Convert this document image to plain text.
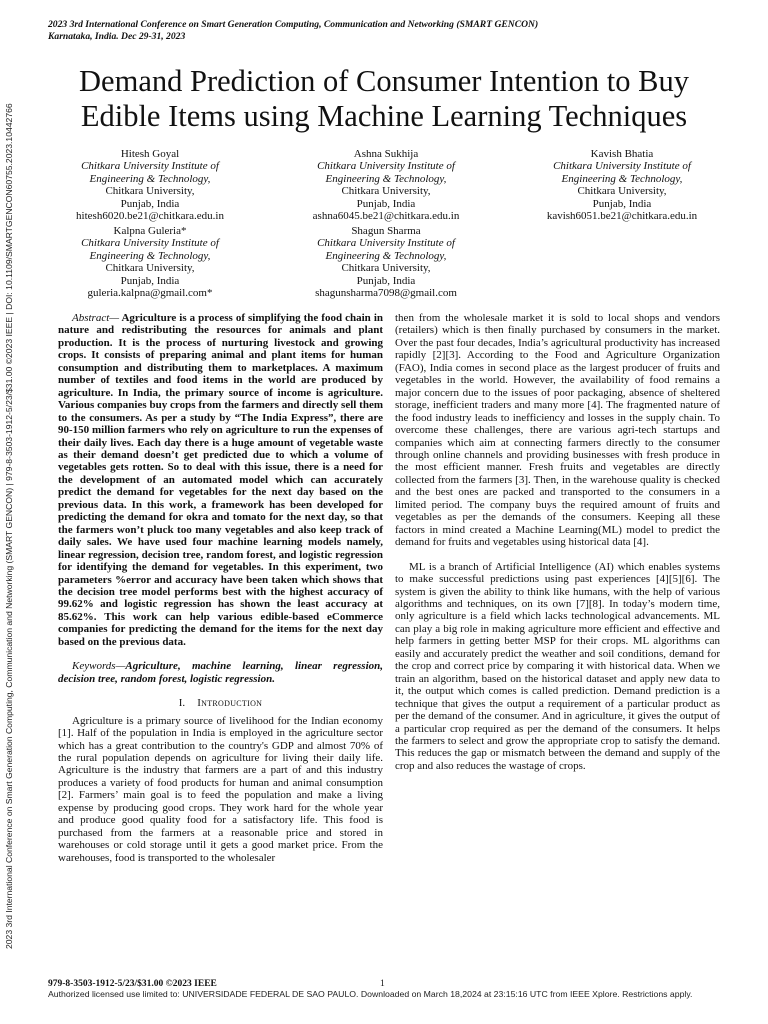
2023 3rd International Conference on Smart Generation Computing, Communication and Networking (SMART GENCON)
Karnataka, India. Dec 29-31, 2023
2023 3rd International Conference on Smart Generation Computing, Communication and Networking (SMART GENCON) | 979-8-3503-1912-5/23/$31.00 ©2023 IEEE | DOI: 10.1109/SMARTGENCON60755.2023.10442766
Demand Prediction of Consumer Intention to Buy Edible Items using Machine Learning Techniques
Hitesh Goyal
Chitkara University Institute of
Engineering & Technology,
Chitkara University,
Punjab, India
hitesh6020.be21@chitkara.edu.in
Ashna Sukhija
Chitkara University Institute of
Engineering & Technology,
Chitkara University,
Punjab, India
ashna6045.be21@chitkara.edu.in
Kavish Bhatia
Chitkara University Institute of
Engineering & Technology,
Chitkara University,
Punjab, India
kavish6051.be21@chitkara.edu.in
Kalpna Guleria*
Chitkara University Institute of
Engineering & Technology,
Chitkara University,
Punjab, India
guleria.kalpna@gmail.com*
Shagun Sharma
Chitkara University Institute of
Engineering & Technology,
Chitkara University,
Punjab, India
shagunsharma7098@gmail.com

Abstract— Agriculture is a process of simplifying the food chain in nature and redistributing the resources for animals and plant production. It is the process of nurturing livestock and growing crops. It consists of preparing animal and plant items for human consumption and distributing them to marketplaces. A maximum number of textiles and food items in the world are produced by agriculture. In India, the primary source of income is agriculture. Various companies buy crops from the farmers and directly sell them to the consumers. As per a study by “The India Express”, there are 90-150 million farmers who rely on agriculture to run the expenses of their daily lives. Each day there is a huge amount of vegetable waste as their demand doesn’t get predicted due to which a volume of vegetables gets rotten. So to deal with this issue, there is a need for the development of an automated model which can accurately predict the demand for vegetables for the next day based on the previous data. In this work, a framework has been developed for predicting the demand for okra and tomato for the next day, so that the farmers won’t pluck too many vegetables and also keep track of daily sales. We have used four machine learning models namely, linear regression, decision tree, random forest, and logistic regression for identifying the demand for vegetables. In this experiment, two parameters %error and accuracy have been taken which shows that the decision tree model performs best with the highest accuracy of 99.62% and logistic regression has shown the least accuracy at 85.62%. This work can help various edible-based eCommerce companies for predicting the demand for the items for the next day based on the previous data.

Keywords—Agriculture, machine learning, linear regression, decision tree, random forest, logistic regression.

I. Introduction

Agriculture is a primary source of livelihood for the Indian economy [1]. Half of the population in India is employed in the agriculture sector which has a great contribution to the country's GDP and almost 70% of the rural population depends on agriculture for living their daily life. Agriculture is the industry that farmers are a part of and this industry produces a variety of food products for human and animal consumption [2]. Farmers’ main goal is to feed the population and make a living expense by producing good crops. They work hard for the whole year and produce good quality food for a satisfactory life. This food is purchased from the farmers at a reasonable price and stored in warehouses or cold storage until it gets a good market price. From the warehouses, food is transported to the wholesaler

then from the wholesale market it is sold to local shops and vendors (retailers) which is then finally purchased by consumers in the market. Over the past four decades, India’s agricultural productivity has increased rapidly [2][3]. According to the Food and Agriculture Organization (FAO), India comes in second place as the largest producer of fruits and vegetables in the world. However, the availability of food remains a major concern due to the issues of poor packaging, absence of sheltered storage, inefficient traders and many more [4]. The fragmented nature of the food industry leads to inefficiency and losses in the supply chain. To overcome these challenges, there are various agri-tech startups and companies which aim at connecting farmers directly to the consumer through online channels and providing businesses with fresh produce in the most efficient manner. Fresh fruits and vegetables are directly collected from the farmers [3]. Then, in the warehouse quality is checked and the best ones are packed and transported to the consumers in a limited period. The company buys the required amount of fruits and vegetables as per the demands of the consumers. Keeping all these factors in mind created a Machine Learning(ML) model to predict the demand for fruits and vegetables using historical data [4].

ML is a branch of Artificial Intelligence (AI) which enables systems to make successful predictions using past experiences [4][5][6]. The system is given the ability to think like humans, with the help of various algorithms and techniques, on its own [7][8]. In today’s modern time, only agriculture is a field which lacks technological advancements. ML can play a big role in making agriculture more efficient and effective and help farmers in getting better MSP for their crops. ML algorithms can easily and accurately predict the weather and soil conditions, demand for the crop and correct price by comparing it with historical data. When we train an algorithm, based on the historical dataset and apply new data to it, the output which comes is called prediction. Demand prediction is a technique that gives the output a requirement of a particular product as per the demand of the consumer. And in agriculture, it gives the output of a particular crop required as per the demand of the consumers. It helps the farmers to select and grow the appropriate crop to satisfy the demand. This reduces the gap or mismatch between the demand and supply of the crop and also reduces the wastage of crops.

979-8-3503-1912-5/23/$31.00 ©2023 IEEE	1
Authorized licensed use limited to: UNIVERSIDADE FEDERAL DE SAO PAULO. Downloaded on March 18,2024 at 23:15:16 UTC from IEEE Xplore. Restrictions apply.
